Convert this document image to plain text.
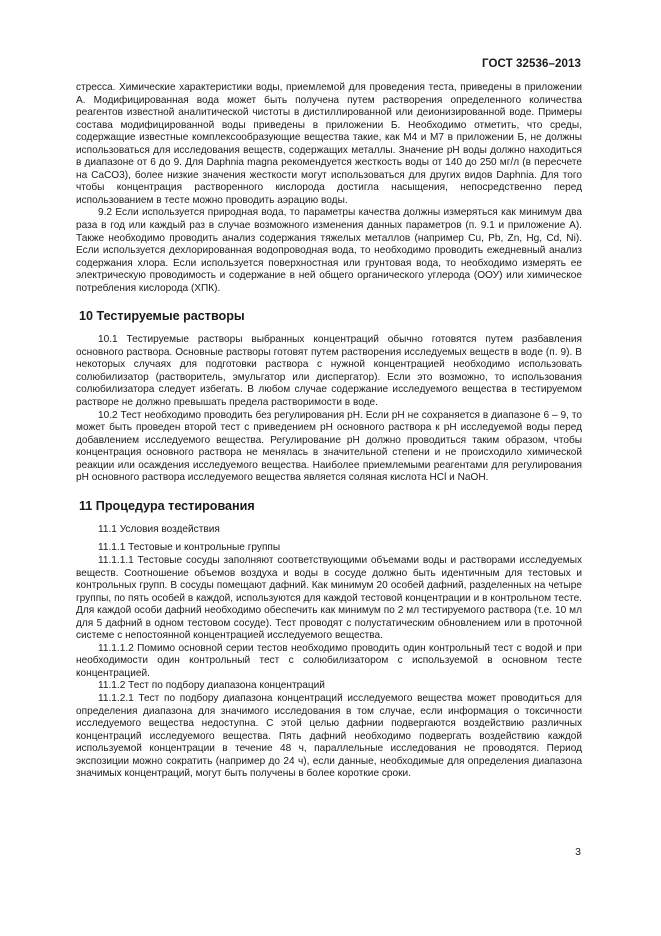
ГОСТ 32536–2013

стресса. Химические характеристики воды, приемлемой для проведения теста, приведены в приложении А. Модифицированная вода может быть получена путем растворения определенного количества реагентов известной аналитической чистоты в дистиллированной или деионизированной воде. Примеры состава модифицированной воды приведены в приложении Б. Необходимо отметить, что среды, содержащие известные комплексообразующие вещества такие, как М4 и М7 в приложении Б, не должны использоваться для исследования веществ, содержащих металлы. Значение pH воды должно находиться в диапазоне от 6 до 9. Для Daphnia magna рекомендуется жесткость воды от 140 до 250 мг/л (в пересчете на CaCO3), более низкие значения жесткости могут использоваться для других видов Daphnia. Для того чтобы концентрация растворенного кислорода достигла насыщения, непосредственно перед использованием в тесте можно проводить аэрацию воды.

9.2 Если используется природная вода, то параметры качества должны измеряться как минимум два раза в год или каждый раз в случае возможного изменения данных параметров (п. 9.1 и приложение А). Также необходимо проводить анализ содержания тяжелых металлов (например Cu, Pb, Zn, Hg, Cd, Ni). Если используется дехлорированная водопроводная вода, то необходимо проводить ежедневный анализ содержания хлора. Если используется поверхностная или грунтовая вода, то необходимо измерять ее электрическую проводимость и содержание в ней общего органического углерода (ООУ) или химическое потребления кислорода (ХПК).

10 Тестируемые растворы

10.1 Тестируемые растворы выбранных концентраций обычно готовятся путем разбавления основного раствора. Основные растворы готовят путем растворения исследуемых веществ в воде (п. 9). В некоторых случаях для подготовки раствора с нужной концентрацией необходимо использовать солюбилизатор (растворитель, эмульгатор или диспергатор). Если это возможно, то использования солюбилизатора следует избегать. В любом случае содержание исследуемого вещества в тестируемом растворе не должно превышать предела растворимости в воде.

10.2 Тест необходимо проводить без регулирования pH. Если pH не сохраняется в диапазоне 6 – 9, то может быть проведен второй тест с приведением pH основного раствора к pH исследуемой воды перед добавлением исследуемого вещества. Регулирование pH должно проводиться таким образом, чтобы концентрация основного раствора не менялась в значительной степени и не происходило химической реакции или осаждения исследуемого вещества. Наиболее приемлемыми реагентами для регулирования pH основного раствора исследуемого вещества является соляная кислота HCl и NaOH.

11 Процедура тестирования

11.1 Условия воздействия

11.1.1 Тестовые и контрольные группы

11.1.1.1 Тестовые сосуды заполняют соответствующими объемами воды и растворами исследуемых веществ. Соотношение объемов воздуха и воды в сосуде должно быть идентичным для тестовых и контрольных групп. В сосуды помещают дафний. Как минимум 20 особей дафний, разделенных на четыре группы, по пять особей в каждой, используются для каждой тестовой концентрации и в контрольном тесте. Для каждой особи дафний необходимо обеспечить как минимум по 2 мл тестируемого раствора (т.е. 10 мл для 5 дафний в одном тестовом сосуде). Тест проводят с полустатическим обновлением или в проточной системе с непостоянной концентрацией исследуемого вещества.

11.1.1.2 Помимо основной серии тестов необходимо проводить один контрольный тест с водой и при необходимости один контрольный тест с солюбилизатором с используемой в основном тесте концентрацией.

11.1.2 Тест по подбору диапазона концентраций

11.1.2.1 Тест по подбору диапазона концентраций исследуемого вещества может проводиться для определения диапазона для значимого исследования в том случае, если информация о токсичности исследуемого вещества недоступна. С этой целью дафнии подвергаются воздействию различных концентраций исследуемого вещества. Пять дафний необходимо подвергать воздействию каждой используемой концентрации в течение 48 ч, параллельные исследования не проводятся. Период экспозиции можно сократить (например до 24 ч), если данные, необходимые для определения диапазона значимых концентраций, могут быть получены в более короткие сроки.

3
